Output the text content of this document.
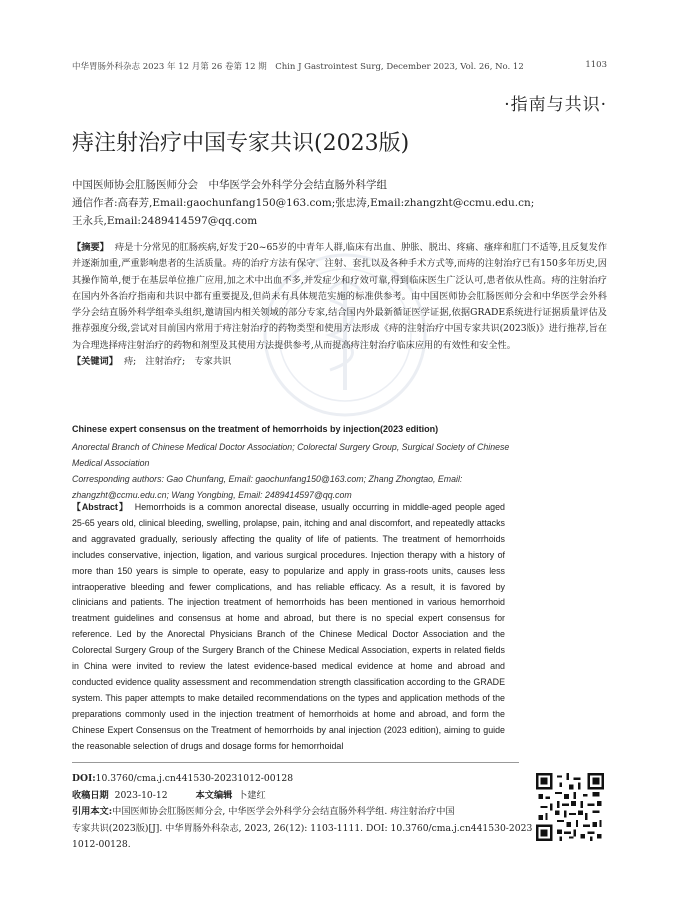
中华胃肠外科杂志 2023 年 12 月第 26 卷第 12 期　Chin J Gastrointest Surg, December 2023, Vol. 26, No. 12	1103
·指南与共识·
痔注射治疗中国专家共识(2023版)
中国医师协会肛肠医师分会　中华医学会外科学分会结直肠外科学组
通信作者:高春芳,Email:gaochunfang150@163.com;张忠涛,Email:zhangzht@ccmu.edu.cn;
王永兵,Email:2489414597@qq.com
【摘要】 痔是十分常见的肛肠疾病,好发于20~65岁的中青年人群,临床有出血、肿胀、脱出、疼痛、瘙痒和肛门不适等,且反复发作并逐渐加重,严重影响患者的生活质量。痔的治疗方法有保守、注射、套扎以及各种手术方式等,而痔的注射治疗已有150多年历史,因其操作简单,便于在基层单位推广应用,加之术中出血不多,并发症少和疗效可靠,得到临床医生广泛认可,患者依从性高。痔的注射治疗在国内外各治疗指南和共识中都有重要提及,但尚未有具体规范实施的标准供参考。由中国医师协会肛肠医师分会和中华医学会外科学分会结直肠外科学组牵头组织,邀请国内相关领域的部分专家,结合国内外最新循证医学证据,依据GRADE系统进行证据质量评估及推荐强度分级,尝试对目前国内常用于痔注射治疗的药物类型和使用方法形成《痔的注射治疗中国专家共识(2023版)》进行推荐,旨在为合理选择痔注射治疗的药物和剂型及其使用方法提供参考,从而提高痔注射治疗临床应用的有效性和安全性。
【关键词】 痔;　注射治疗;　专家共识
Chinese expert consensus on the treatment of hemorrhoids by injection(2023 edition)
Anorectal Branch of Chinese Medical Doctor Association; Colorectal Surgery Group, Surgical Society of Chinese Medical Association
Corresponding authors: Gao Chunfang, Email: gaochunfang150@163.com; Zhang Zhongtao, Email: zhangzht@ccmu.edu.cn; Wang Yongbing, Email: 2489414597@qq.com
【Abstract】 Hemorrhoids is a common anorectal disease, usually occurring in middle-aged people aged 25-65 years old, clinical bleeding, swelling, prolapse, pain, itching and anal discomfort, and repeatedly attacks and aggravated gradually, seriously affecting the quality of life of patients. The treatment of hemorrhoids includes conservative, injection, ligation, and various surgical procedures. Injection therapy with a history of more than 150 years is simple to operate, easy to popularize and apply in grass-roots units, causes less intraoperative bleeding and fewer complications, and has reliable efficacy. As a result, it is favored by clinicians and patients. The injection treatment of hemorrhoids has been mentioned in various hemorrhoid treatment guidelines and consensus at home and abroad, but there is no special expert consensus for reference. Led by the Anorectal Physicians Branch of the Chinese Medical Doctor Association and the Colorectal Surgery Group of the Surgery Branch of the Chinese Medical Association, experts in related fields in China were invited to review the latest evidence-based medical evidence at home and abroad and conducted evidence quality assessment and recommendation strength classification according to the GRADE system. This paper attempts to make detailed recommendations on the types and application methods of the preparations commonly used in the injection treatment of hemorrhoids at home and abroad, and form the Chinese Expert Consensus on the Treatment of hemorrhoids by anal injection (2023 edition), aiming to guide the reasonable selection of drugs and dosage forms for hemorrhoidal
DOI:10.3760/cma.j.cn441530-20231012-00128
收稿日期 2023-10-12	本文编辑 卜建红
引用本文:中国医师协会肛肠医师分会, 中华医学会外科学分会结直肠外科学组. 痔注射治疗中国
专家共识(2023版)[J]. 中华胃肠外科杂志, 2023, 26(12): 1103-1111. DOI: 10.3760/cma.j.cn441530-2023
1012-00128.
